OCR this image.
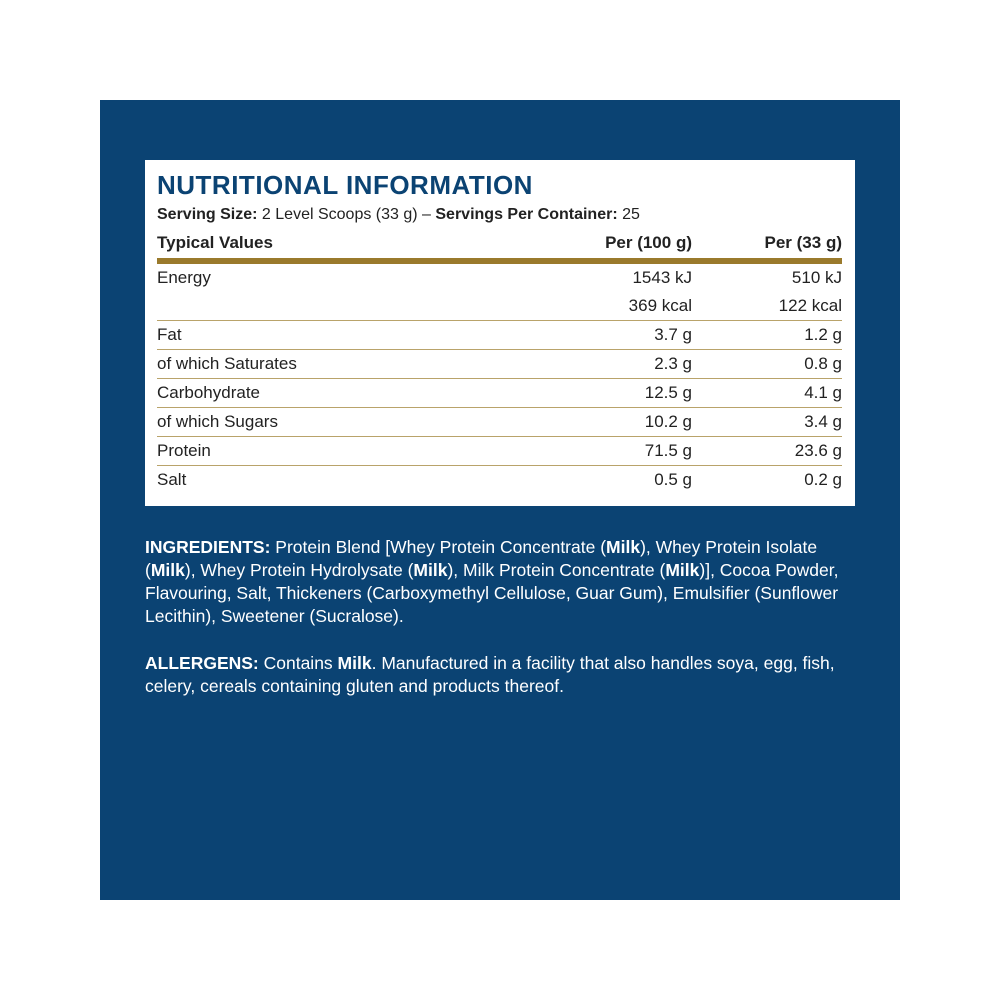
NUTRITIONAL INFORMATION
Serving Size: 2 Level Scoops (33 g) – Servings Per Container: 25
Typical Values	Per (100 g)	Per (33 g)
Energy	1543 kJ	510 kJ
	369 kcal	122 kcal
Fat	3.7 g	1.2 g
of which Saturates	2.3 g	0.8 g
Carbohydrate	12.5 g	4.1 g
of which Sugars	10.2 g	3.4 g
Protein	71.5 g	23.6 g
Salt	0.5 g	0.2 g
INGREDIENTS: Protein Blend [Whey Protein Concentrate (Milk), Whey Protein Isolate (Milk), Whey Protein Hydrolysate (Milk), Milk Protein Concentrate (Milk)], Cocoa Powder, Flavouring, Salt, Thickeners (Carboxymethyl Cellulose, Guar Gum), Emulsifier (Sunflower Lecithin), Sweetener (Sucralose).
ALLERGENS: Contains Milk. Manufactured in a facility that also handles soya, egg, fish, celery, cereals containing gluten and products thereof.
